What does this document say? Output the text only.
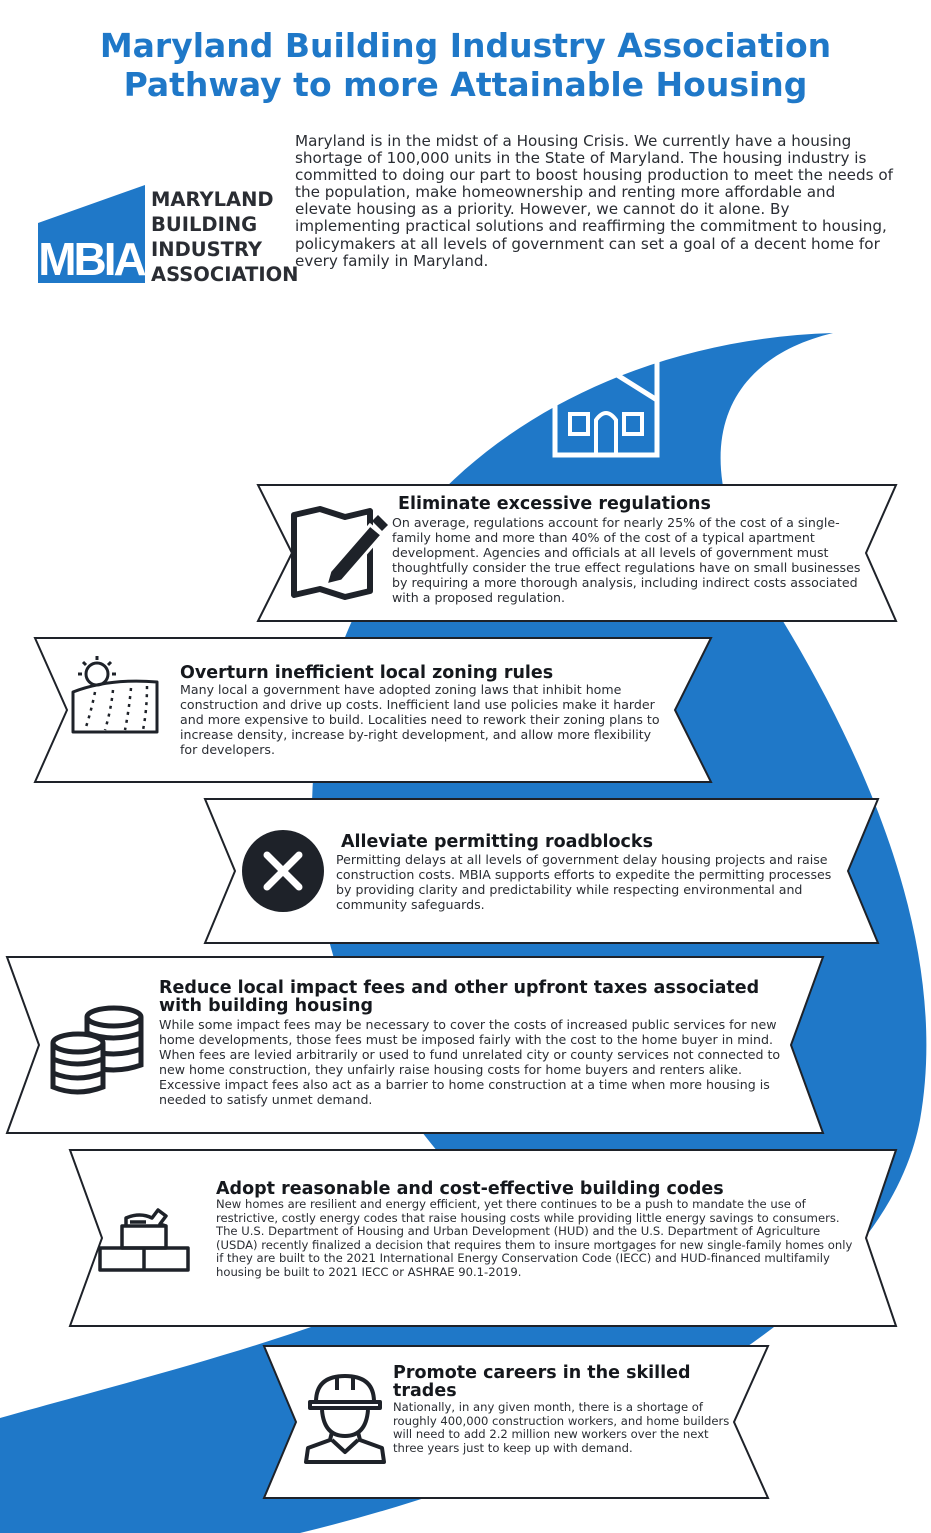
Maryland Building Industry Association
Pathway to more Attainable Housing
MBIA
MARYLAND
BUILDING
INDUSTRY
ASSOCIATION

Maryland is in the midst of a Housing Crisis. We currently have a housing shortage of 100,000 units in the State of Maryland. The housing industry is committed to doing our part to boost housing production to meet the needs of the population, make homeownership and renting more affordable and elevate housing as a priority. However, we cannot do it alone. By implementing practical solutions and reaffirming the commitment to housing, policymakers at all levels of government can set a goal of a decent home for every family in Maryland.

Eliminate excessive regulations

On average, regulations account for nearly 25% of the cost of a single-family home and more than 40% of the cost of a typical apartment development. Agencies and officials at all levels of government must thoughtfully consider the true effect regulations have on small businesses by requiring a more thorough analysis, including indirect costs associated with a proposed regulation.

Overturn inefficient local zoning rules

Many local a government have adopted zoning laws that inhibit home construction and drive up costs. Inefficient land use policies make it harder and more expensive to build. Localities need to rework their zoning plans to increase density, increase by-right development, and allow more flexibility for developers.

Alleviate permitting roadblocks

Permitting delays at all levels of government delay housing projects and raise construction costs. MBIA supports efforts to expedite the permitting processes by providing clarity and predictability while respecting environmental and community safeguards.

Reduce local impact fees and other upfront taxes associated with building housing

While some impact fees may be necessary to cover the costs of increased public services for new home developments, those fees must be imposed fairly with the cost to the home buyer in mind. When fees are levied arbitrarily or used to fund unrelated city or county services not connected to new home construction, they unfairly raise housing costs for home buyers and renters alike. Excessive impact fees also act as a barrier to home construction at a time when more housing is needed to satisfy unmet demand.

Adopt reasonable and cost-effective building codes

New homes are resilient and energy efficient, yet there continues to be a push to mandate the use of restrictive, costly energy codes that raise housing costs while providing little energy savings to consumers. The U.S. Department of Housing and Urban Development (HUD) and the U.S. Department of Agriculture (USDA) recently finalized a decision that requires them to insure mortgages for new single-family homes only if they are built to the 2021 International Energy Conservation Code (IECC) and HUD-financed multifamily housing be built to 2021 IECC or ASHRAE 90.1-2019.

Promote careers in the skilled trades

Nationally, in any given month, there is a shortage of roughly 400,000 construction workers, and home builders will need to add 2.2 million new workers over the next three years just to keep up with demand.
